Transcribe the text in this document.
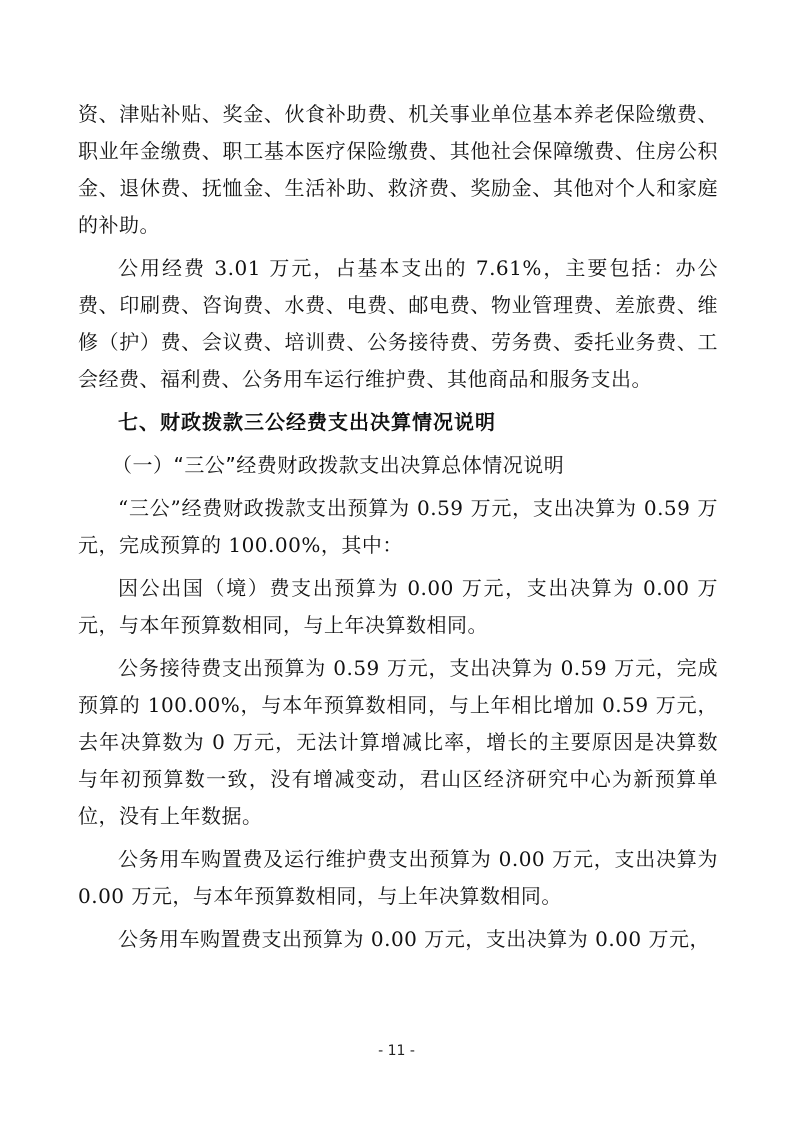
资、津贴补贴、奖金、伙食补助费、机关事业单位基本养老保险缴费、职业年金缴费、职工基本医疗保险缴费、其他社会保障缴费、住房公积金、退休费、抚恤金、生活补助、救济费、奖励金、其他对个人和家庭的补助。

公用经费 3.01 万元，占基本支出的 7.61%，主要包括：办公费、印刷费、咨询费、水费、电费、邮电费、物业管理费、差旅费、维修（护）费、会议费、培训费、公务接待费、劳务费、委托业务费、工会经费、福利费、公务用车运行维护费、其他商品和服务支出。

七、财政拨款三公经费支出决算情况说明

（一）“三公”经费财政拨款支出决算总体情况说明

“三公”经费财政拨款支出预算为 0.59 万元，支出决算为 0.59 万元，完成预算的 100.00%，其中：

因公出国（境）费支出预算为 0.00 万元，支出决算为 0.00 万元，与本年预算数相同，与上年决算数相同。

公务接待费支出预算为 0.59 万元，支出决算为 0.59 万元，完成预算的 100.00%，与本年预算数相同，与上年相比增加 0.59 万元，去年决算数为 0 万元，无法计算增减比率，增长的主要原因是决算数与年初预算数一致，没有增减变动，君山区经济研究中心为新预算单位，没有上年数据。

公务用车购置费及运行维护费支出预算为 0.00 万元，支出决算为 0.00 万元，与本年预算数相同，与上年决算数相同。

公务用车购置费支出预算为 0.00 万元，支出决算为 0.00 万元，

- 11 -
